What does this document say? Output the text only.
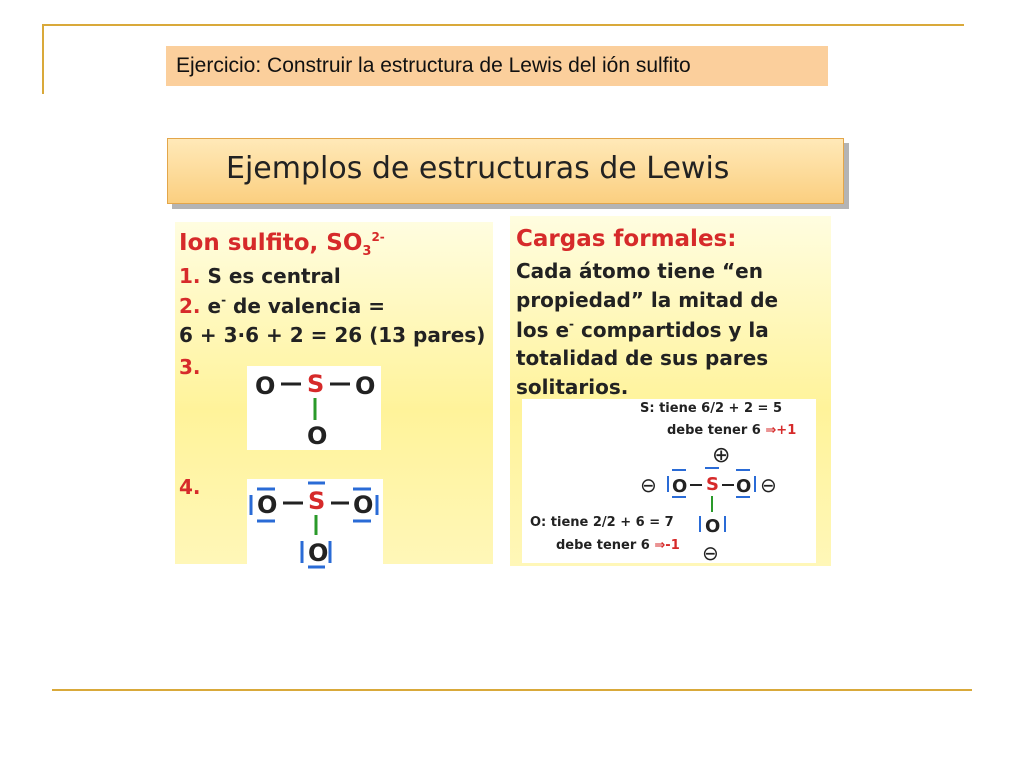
Ejercicio: Construir la estructura de Lewis del ión sulfito
Ejemplos de estructuras de Lewis
Ion sulfito, $SO_3^{2-}$
1. S es central
2. e- de valencia =
6 + 3·6 + 2 = 26 (13 pares)
3.
4.
O S O
O
O S O
O
Cargas formales:
Cada átomo tiene “en
propiedad” la mitad de
los e- compartidos y la
totalidad de sus pares
solitarios.
S: tiene 6/2 + 2 = 5
debe tener 6 ⇒+1
O: tiene 2/2 + 6 = 7
debe tener 6 ⇒-1
⊕
⊖ O S O ⊖
O
⊖
